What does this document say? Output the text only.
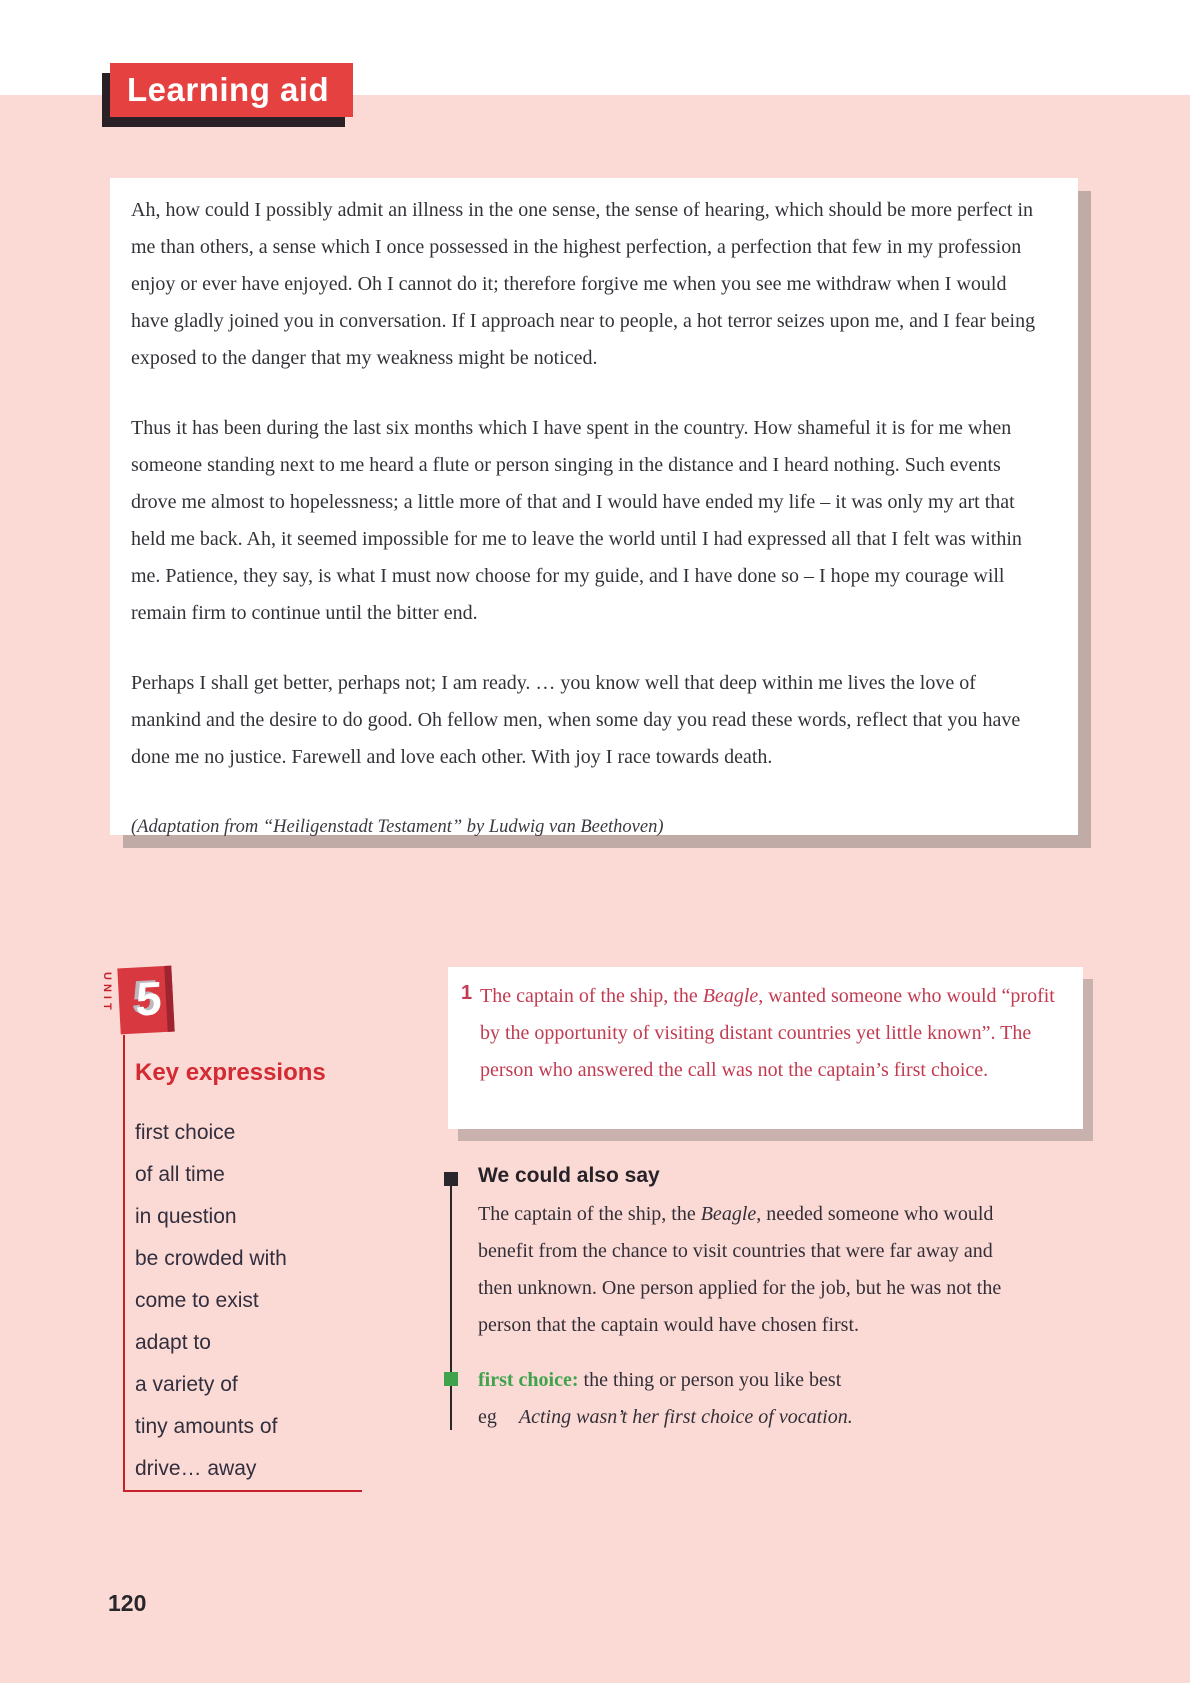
Learning aid

Ah, how could I possibly admit an illness in the one sense, the sense of hearing, which should be more perfect in me than others, a sense which I once possessed in the highest perfection, a perfection that few in my profession enjoy or ever have enjoyed. Oh I cannot do it; therefore forgive me when you see me withdraw when I would have gladly joined you in conversation. If I approach near to people, a hot terror seizes upon me, and I fear being exposed to the danger that my weakness might be noticed.

Thus it has been during the last six months which I have spent in the country. How shameful it is for me when someone standing next to me heard a flute or person singing in the distance and I heard nothing. Such events drove me almost to hopelessness; a little more of that and I would have ended my life – it was only my art that held me back. Ah, it seemed impossible for me to leave the world until I had expressed all that I felt was within me. Patience, they say, is what I must now choose for my guide, and I have done so – I hope my courage will remain firm to continue until the bitter end.

Perhaps I shall get better, perhaps not; I am ready. … you know well that deep within me lives the love of mankind and the desire to do good. Oh fellow men, when some day you read these words, reflect that you have done me no justice. Farewell and love each other. With joy I race towards death.

(Adaptation from “Heiligenstadt Testament” by Ludwig van Beethoven)

UNIT 5
Key expressions
first choice
of all time
in question
be crowded with
come to exist
adapt to
a variety of
tiny amounts of
drive… away
1 The captain of the ship, the Beagle, wanted someone who would “profit by the opportunity of visiting distant countries yet little known”. The person who answered the call was not the captain’s first choice.
We could also say
The captain of the ship, the Beagle, needed someone who would benefit from the chance to visit countries that were far away and then unknown. One person applied for the job, but he was not the person that the captain would have chosen first.
first choice: the thing or person you like best
eg Acting wasn’t her first choice of vocation.
120
